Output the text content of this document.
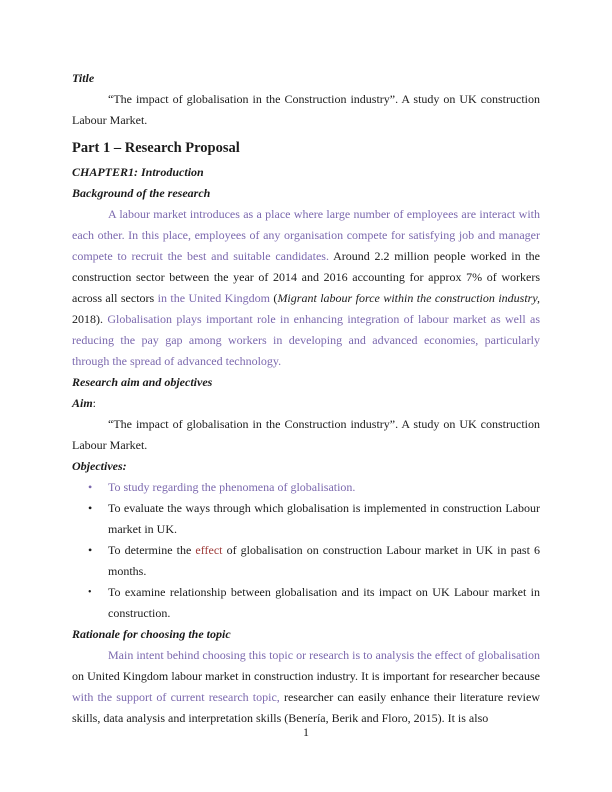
Title

“The impact of globalisation in the Construction industry”. A study on UK construction Labour Market.

Part 1 – Research Proposal
CHAPTER1: Introduction
Background of the research

A labour market introduces as a place where large number of employees are interact with each other. In this place, employees of any organisation compete for satisfying job and manager compete to recruit the best and suitable candidates. Around 2.2 million people worked in the construction sector between the year of 2014 and 2016 accounting for approx 7% of workers across all sectors in the United Kingdom (Migrant labour force within the construction industry, 2018). Globalisation plays important role in enhancing integration of labour market as well as reducing the pay gap among workers in developing and advanced economies, particularly through the spread of advanced technology.

Research aim and objectives
Aim:

“The impact of globalisation in the Construction industry”. A study on UK construction Labour Market.

Objectives:
•	To study regarding the phenomena of globalisation.
•	To evaluate the ways through which globalisation is implemented in construction Labour market in UK.
•	To determine the effect of globalisation on construction Labour market in UK in past 6 months.
•	To examine relationship between globalisation and its impact on UK Labour market in construction.
Rationale for choosing the topic

Main intent behind choosing this topic or research is to analysis the effect of globalisation on United Kingdom labour market in construction industry. It is important for researcher because with the support of current research topic, researcher can easily enhance their literature review skills, data analysis and interpretation skills (Benería, Berik and Floro, 2015). It is also

1
